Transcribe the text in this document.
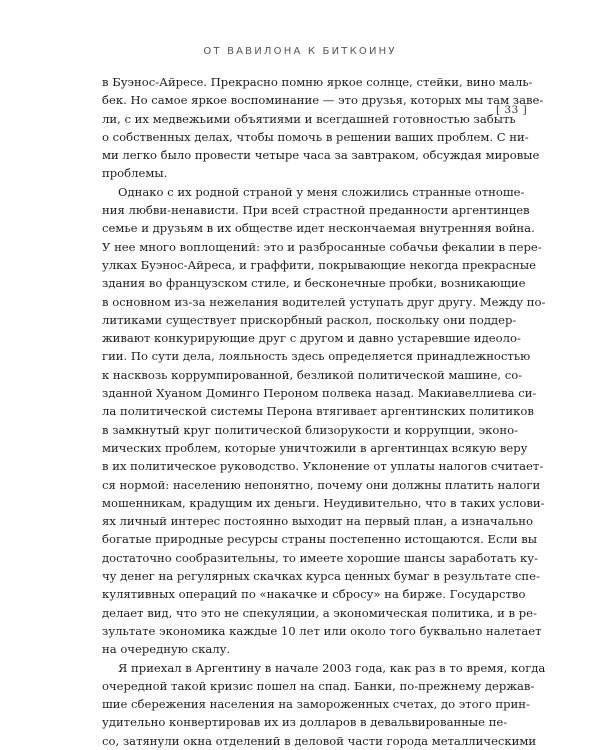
ОТ ВАВИЛОНА К БИТКОИНУ
[ 33 ]
в Буэнос-Айресе. Прекрасно помню яркое солнце, стейки, вино маль-
бек. Но самое яркое воспоминание — это друзья, которых мы там заве-
ли, с их медвежьими объятиями и всегдашней готовностью забыть
о собственных делах, чтобы помочь в решении ваших проблем. С ни-
ми легко было провести четыре часа за завтраком, обсуждая мировые
проблемы.
Однако с их родной страной у меня сложились странные отноше-
ния любви-ненависти. При всей страстной преданности аргентинцев
семье и друзьям в их обществе идет нескончаемая внутренняя война.
У нее много воплощений: это и разбросанные собачьи фекалии в пере-
улках Буэнос-Айреса, и граффити, покрывающие некогда прекрасные
здания во французском стиле, и бесконечные пробки, возникающие
в основном из-за нежелания водителей уступать друг другу. Между по-
литиками существует прискорбный раскол, поскольку они поддер-
живают конкурирующие друг с другом и давно устаревшие идеоло-
гии. По сути дела, лояльность здесь определяется принадлежностью
к насквозь коррумпированной, безликой политической машине, со-
зданной Хуаном Доминго Пероном полвека назад. Макиавеллиева си-
ла политической системы Перона втягивает аргентинских политиков
в замкнутый круг политической близорукости и коррупции, эконо-
мических проблем, которые уничтожили в аргентинцах всякую веру
в их политическое руководство. Уклонение от уплаты налогов считает-
ся нормой: населению непонятно, почему они должны платить налоги
мошенникам, крадущим их деньги. Неудивительно, что в таких услови-
ях личный интерес постоянно выходит на первый план, а изначально
богатые природные ресурсы страны постепенно истощаются. Если вы
достаточно сообразительны, то имеете хорошие шансы заработать ку-
чу денег на регулярных скачках курса ценных бумаг в результате спе-
кулятивных операций по «накачке и сбросу» на бирже. Государство
делает вид, что это не спекуляции, а экономическая политика, и в ре-
зультате экономика каждые 10 лет или около того буквально налетает
на очередную скалу.
Я приехал в Аргентину в начале 2003 года, как раз в то время, когда
очередной такой кризис пошел на спад. Банки, по-прежнему держав-
шие сбережения населения на замороженных счетах, до этого прин-
удительно конвертировав их из долларов в девальвированные пе-
со, затянули окна отделений в деловой части города металлическими
